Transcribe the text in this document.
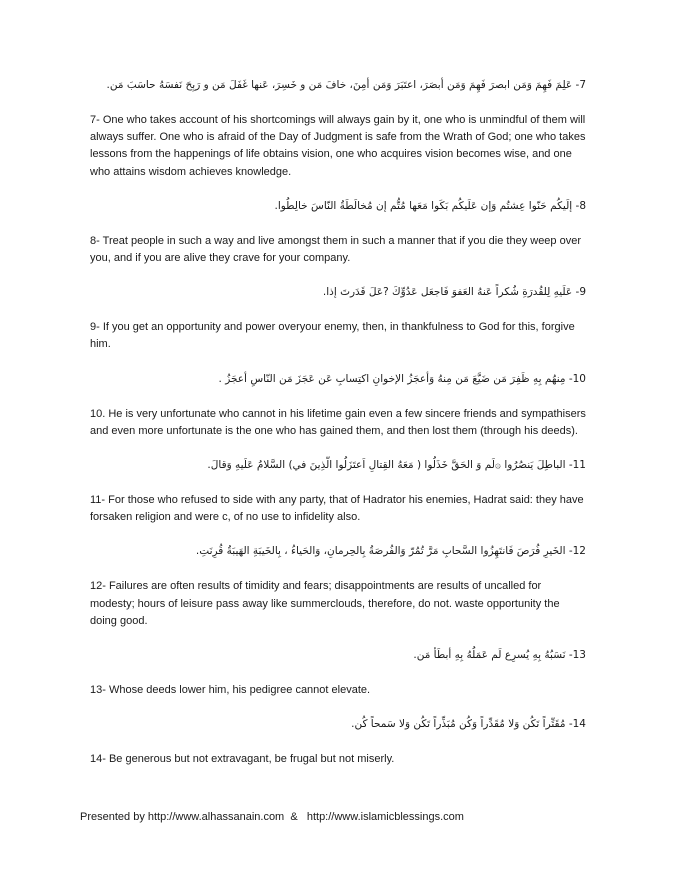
7- عَلِمَ فَهِمَ وَمَن ابصرَ فَهِمَ وَمَن أبصَرَ، اعتَبَرَ وَمَن أمِنَ، خافَ مَن و خَسِرَ، عَنها غَفَلَ مَن و رَبِحَ نَفسَهُ حاسَبَ مَن.

7- One who takes account of his shortcomings will always gain by it, one who is unmindful of them will always suffer. One who is afraid of the Day of Judgment is safe from the Wrath of God; one who takes lessons from the happenings of life obtains vision, one who acquires vision becomes wise, and one who attains wisdom achieves knowledge.

8- إلَيكُم حَنّوا عِشتُم وَإن عَلَيكُم بَكَوا مَعَها مُتُّم إن مُخالَطَةُ النّاسَ خالِطُوا.

8- Treat people in such a way and live amongst them in such a manner that if you die they weep over you, and if you are alive they crave for your company.

9- عَلَيهِ لِلقُدرَةِ شُكراً عَنهُ العَفوَ فَاجعَل عَدُوِّكَ ?عَلَ قَدَرتَ إذا.

9- If you get an opportunity and power overyour enemy, then, in thankfulness to God for this, forgive him.

10- مِنهُم بِهِ ظَفِرَ مَن ضَيَّعَ مَن مِنهُ وَأعجَزُ الإخوانِ اكتِسابِ عَن عَجَزَ مَن النّاسِ أعجَزُ .

10. He is very unfortunate who cannot in his lifetime gain even a few sincere friends and sympathisers and even more unfortunate is the one who has gained them, and then lost them (through his deeds).

11- الباطِلَ يَنصُرُوا ۞لَم وَ الحَقَّ خَذَلُوا ( مَعَهُ القِتالِ اَعتَزَلُوا الَّذِينَ في) السَّلامُ عَلَيهِ وَقالَ.

11- For those who refused to side with any party, that of Hadrator his enemies, Hadrat said: they have forsaken religion and were c, of no use to infidelity also.

12- الخَيرِ فُرَصَ فَانتَهِزُوا السَّحابِ مَرَّ تُمُرّ وَالفُرصَةُ بِالحِرمانِ، وَالحَياءُ ، بِالخَيبَةِ الهَيبَةُ قُرِنَتِ.

12- Failures are often results of timidity and fears; disappointments are results of uncalled for modesty; hours of leisure pass away like summerclouds, therefore, do not. waste opportunity the doing good.

13- نَسَبُهُ بِهِ يُسرِع لَم عَمَلُهُ بِهِ أبطَأ مَن.

13- Whose deeds lower him, his pedigree cannot elevate.

14- مُقَتِّراً تَكُن وَلا مُقَدِّراً وَكُن مُبَذِّراً تَكُن وَلا سَمحاً كُن.

14- Be generous but not extravagant, be frugal but not miserly.

Presented by http://www.alhassanain.com  &   http://www.islamicblessings.com
